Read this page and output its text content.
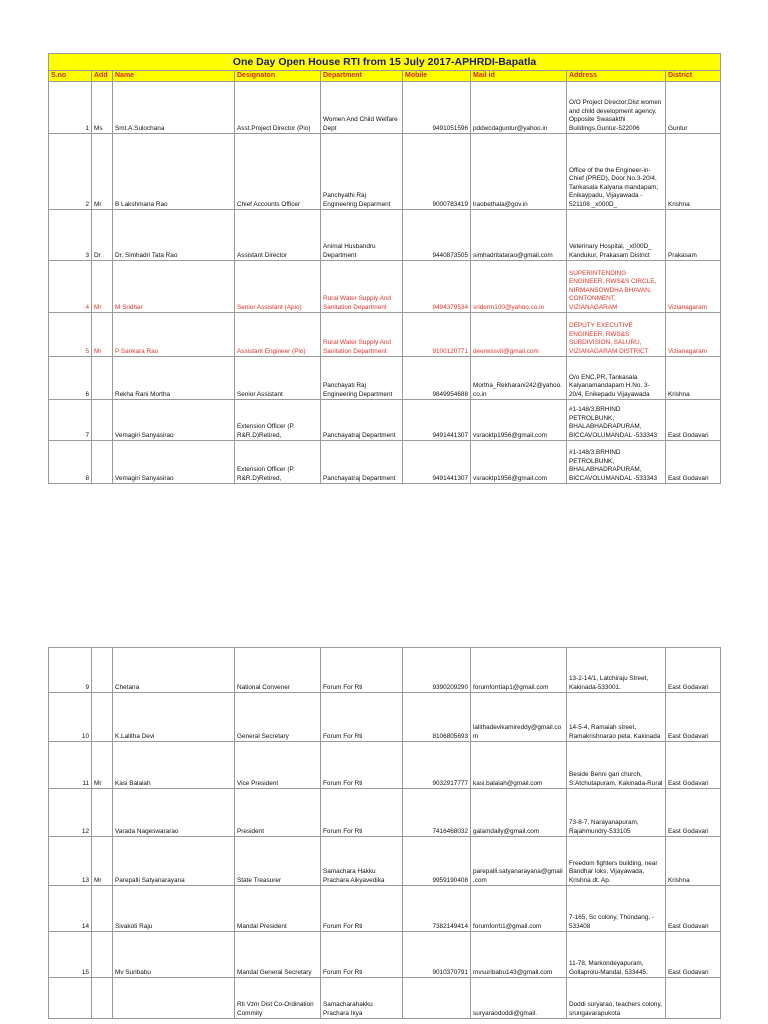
One Day Open House RTI from 15 July 2017-APHRDI-Bapatla								
S.no	Add	Name	Designaton	Department	Mobile	Mail id	Address	District
1	Ms	Smt.A.Sulochana	Asst.Project Director (Pio)	Women And Child Welfare Dept	9491051596	pddwcdaguntur@yahoo.in	O/O Project Director,Dist women and child development agency, Opposite Swasakthi Buildings,Guntur-522006	Guntur
2	Mr	B Lakshmana Rao	Chief Accounts Officer	Panchyathi Raj Engineering Deparment	9000783419	lraobethala@gov.in	Office of the the Engineer-in-Chief (PRED), Door No.3-20/4, Tankasala Kalyana mandapam, Enikaypadu, Vijayawada - 521108 _x000D_	Krishna
3	Dr	Dr. Simhadri Tata Rao	Assistant Director	Animal Husbandru Department	9440873505	simhadritatarao@gmail.com	Veterinary Hospital, _x000D_ Kandukur, Prakasam District	Prakasam
4	Mr	M Sridhar	Senior Assistant (Apio)	Rural Water Supply And Sanitation Department	9494379534	sriderm100@yahoo.co.in	SUPERINTENDING ENGINEER, RWS&S CIRCLE, NIRMANSOWDHA BHAVAN, CONTONMENT, VIZIANAGARAM	Vizianagaram
5	Mr	P Sankara Rao	Assistant Engineer (Pio)	Rural Water Supply And Sanitation Department	9100120771	deerwssvit@gmail.com	DEPUTY EXECUTIVE ENGINEER, RWS&S SUBDIVISION, SALURU, VIZIANAGARAM DISTRICT	Vizianagaram
6		Rekha Rani Mortha	Senior Assistant	Panchayati Raj Engineering Department	9849954688	Mortha_Rekharani242@yahoo.co.in	O/o ENC,PR, Tankasala Kalyanamandapam H.No. 3-20/4, Enikepadu Vijayawada	Krishna
7		Vemagiri Sanyasirao	Extension Officer (P. R&R.D)Retired,	Panchayatraj Department	9491441307	vsraoktp1956@gmail.com	#1-148/3,BRHIND PETROLBUNK, BHALABHADRAPURAM, BICCAVOLUMANDAL -533343	East Godavari
8		Vemagiri Sanyasirao	Extension Officer (P. R&R.D)Retired,	Panchayatraj Department	9491441307	vsraoktp1956@gmail.com	#1-148/3,BRHIND PETROLBUNK, BHALABHADRAPURAM, BICCAVOLUMANDAL -533343	East Godavari
9		Chetana	National Convener	Forum For Rti	9390209290	forumforrtiap1@gmail.com	13-2-14/1, Latchiraju Street, Kakinada-533001.	East Godavari
10		K.Lalitha Devi	General Secretary	Forum For Rti	8106805693	lalithadevikamireddy@gmail.com	14-5-4, Ramaiah street, Ramakrishnarao peta, Kakinada	East Godavari
11	Mr	Kasi Balaiah	Vice President	Forum For Rti	9032917777	kasi.balaiah@gmail.com	Beside Benni gari church, S.Atchutapuram, Kakinada-Rural	East Godavari
12		Varada Nageswararao	President	Forum For Rti	7416468032	galamdaily@gmail.com	73-8-7, Narayanapuram, Rajahmundry-533105	East Godavari
13	Mr	Parepalli Satyanarayana	State Treasurer	Samachara Hakku Prachara Aikyavedika	9959190408	parepalli.satyanarayana@gmail.com	Freedom fighters building, near Bandhar loks, Vijayawada, Krishna dt. Ap.	Krishna
14		Sivakoti Raju	Mandal President	Forum For Rti	7382149414	forumforrti1@gmail.com	7-165, Sc colony, Thondang, - 533408	East Godavari
15		Mv Suribabu	Mandal General Secretary	Forum For Rti	9010370791	mvsuribabu143@gmail.com	11-78, Markondeyapuram, Gollaprolu-Mandal, 533445.	East Godavari
			Rti Vzm Dist Co-Ordination Commity	Samacharahakku Prachara Ikya		suryaraododdi@gmail.	Doddi suryarao, teachers colony, srungavarapukota	
